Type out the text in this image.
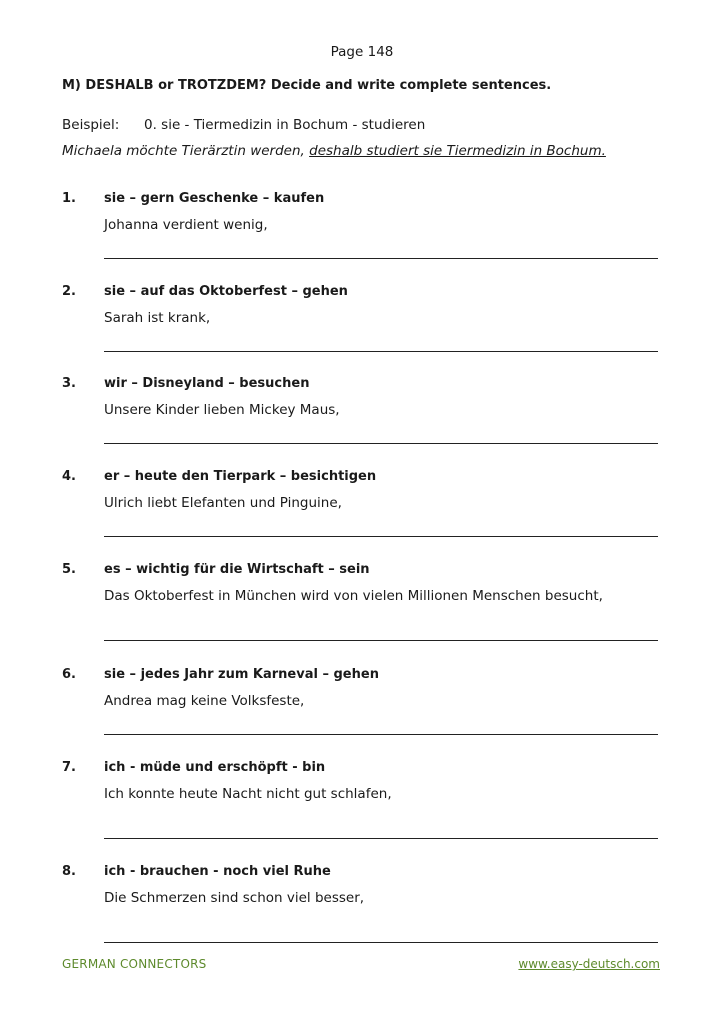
Page 148
M) DESHALB or TROTZDEM? Decide and write complete sentences.
Beispiel: 0. sie - Tiermedizin in Bochum - studieren
Michaela möchte Tierärztin werden, deshalb studiert sie Tiermedizin in Bochum.
1. sie – gern Geschenke – kaufen
Johanna verdient wenig,
2. sie – auf das Oktoberfest – gehen
Sarah ist krank,
3. wir – Disneyland – besuchen
Unsere Kinder lieben Mickey Maus,
4. er – heute den Tierpark – besichtigen
Ulrich liebt Elefanten und Pinguine,
5. es – wichtig für die Wirtschaft – sein
Das Oktoberfest in München wird von vielen Millionen Menschen besucht,
6. sie – jedes Jahr zum Karneval – gehen
Andrea mag keine Volksfeste,
7. ich - müde und erschöpft - bin
Ich konnte heute Nacht nicht gut schlafen,
8. ich - brauchen - noch viel Ruhe
Die Schmerzen sind schon viel besser,
GERMAN CONNECTORS	www.easy-deutsch.com
